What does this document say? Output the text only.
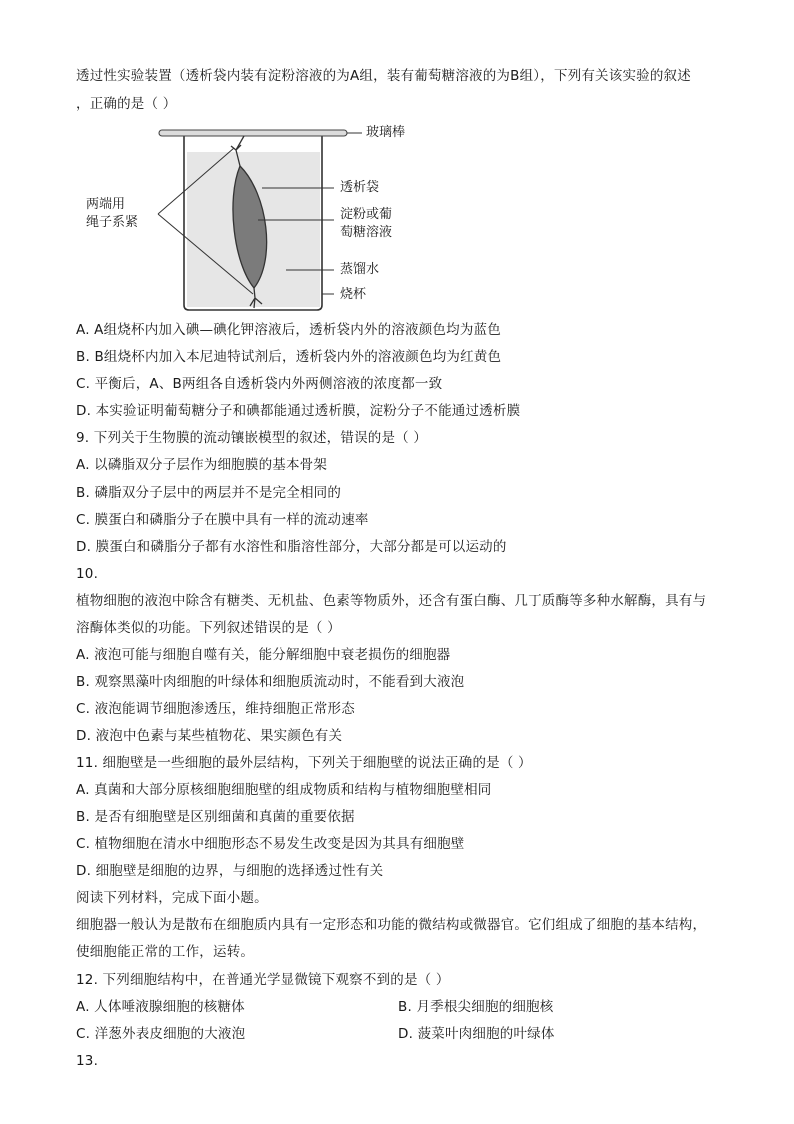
透过性实验装置（透析袋内装有淀粉溶液的为A组，装有葡萄糖溶液的为B组），下列有关该实验的叙述
，正确的是（ ）
玻璃棒
透析袋
淀粉或葡
萄糖溶液
蒸馏水
烧杯
两端用
绳子系紧
A. A组烧杯内加入碘—碘化钾溶液后，透析袋内外的溶液颜色均为蓝色
B. B组烧杯内加入本尼迪特试剂后，透析袋内外的溶液颜色均为红黄色
C. 平衡后，A、B两组各自透析袋内外两侧溶液的浓度都一致
D. 本实验证明葡萄糖分子和碘都能通过透析膜，淀粉分子不能通过透析膜
9. 下列关于生物膜的流动镶嵌模型的叙述，错误的是（ ）
A. 以磷脂双分子层作为细胞膜的基本骨架
B. 磷脂双分子层中的两层并不是完全相同的
C. 膜蛋白和磷脂分子在膜中具有一样的流动速率
D. 膜蛋白和磷脂分子都有水溶性和脂溶性部分，大部分都是可以运动的
10.
植物细胞的液泡中除含有糖类、无机盐、色素等物质外，还含有蛋白酶、几丁质酶等多种水解酶，具有与
溶酶体类似的功能。下列叙述错误的是（ ）
A. 液泡可能与细胞自噬有关，能分解细胞中衰老损伤的细胞器
B. 观察黑藻叶肉细胞的叶绿体和细胞质流动时，不能看到大液泡
C. 液泡能调节细胞渗透压，维持细胞正常形态
D. 液泡中色素与某些植物花、果实颜色有关
11. 细胞壁是一些细胞的最外层结构，下列关于细胞壁的说法正确的是（ ）
A. 真菌和大部分原核细胞细胞壁的组成物质和结构与植物细胞壁相同
B. 是否有细胞壁是区别细菌和真菌的重要依据
C. 植物细胞在清水中细胞形态不易发生改变是因为其具有细胞壁
D. 细胞壁是细胞的边界，与细胞的选择透过性有关
阅读下列材料，完成下面小题。
细胞器一般认为是散布在细胞质内具有一定形态和功能的微结构或微器官。它们组成了细胞的基本结构，
使细胞能正常的工作，运转。
12. 下列细胞结构中，在普通光学显微镜下观察不到的是（ ）
A. 人体唾液腺细胞的核糖体	B. 月季根尖细胞的细胞核
C. 洋葱外表皮细胞的大液泡	D. 菠菜叶肉细胞的叶绿体
13.
